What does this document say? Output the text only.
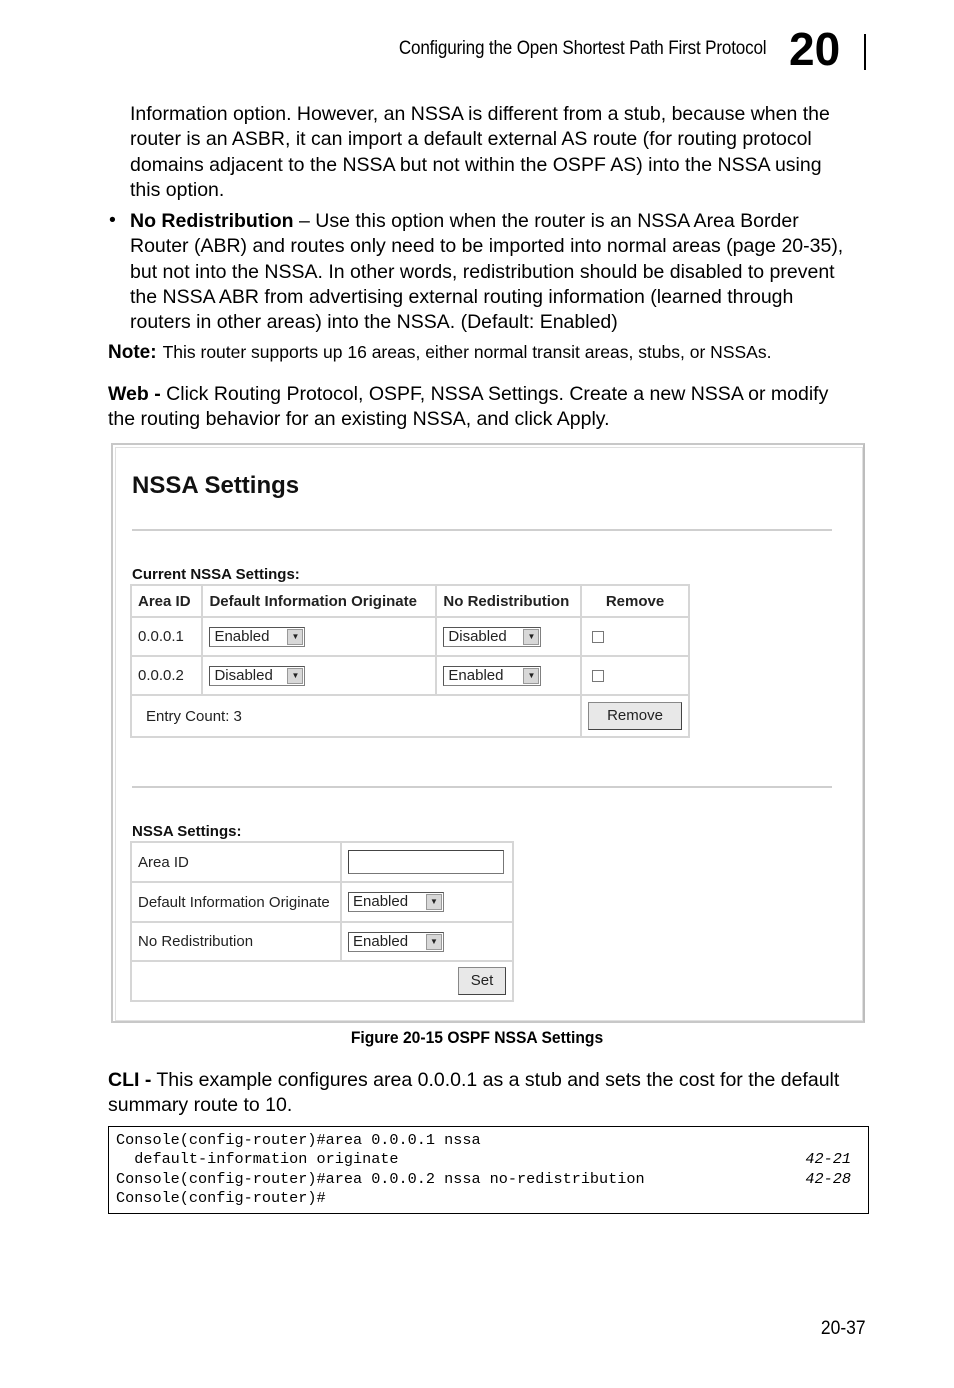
Configuring the Open Shortest Path First Protocol 20
Information option. However, an NSSA is different from a stub, because when the
router is an ASBR, it can import a default external AS route (for routing protocol
domains adjacent to the NSSA but not within the OSPF AS) into the NSSA using
this option.
• No Redistribution – Use this option when the router is an NSSA Area Border
Router (ABR) and routes only need to be imported into normal areas (page 20-35),
but not into the NSSA. In other words, redistribution should be disabled to prevent
the NSSA ABR from advertising external routing information (learned through
routers in other areas) into the NSSA. (Default: Enabled)
Note: This router supports up 16 areas, either normal transit areas, stubs, or NSSAs.
Web - Click Routing Protocol, OSPF, NSSA Settings. Create a new NSSA or modify
the routing behavior for an existing NSSA, and click Apply.
NSSA Settings
Current NSSA Settings:
Area ID	Default Information Originate	No Redistribution	Remove
0.0.0.1	Enabled ▼	Disabled ▼	

0.0.0.2	Disabled ▼	Enabled ▼	

Entry Count: 3			Remove
NSSA Settings:
Area ID	
Default Information Originate	Enabled ▼

No Redistribution	Enabled ▼

Set	
Figure 20-15 OSPF NSSA Settings
CLI - This example configures area 0.0.0.1 as a stub and sets the cost for the default
summary route to 10.
Console(config-router)#area 0.0.0.1 nssa
default-information originate	42-21
Console(config-router)#area 0.0.0.2 nssa no-redistribution	42-28
Console(config-router)#
20-37
